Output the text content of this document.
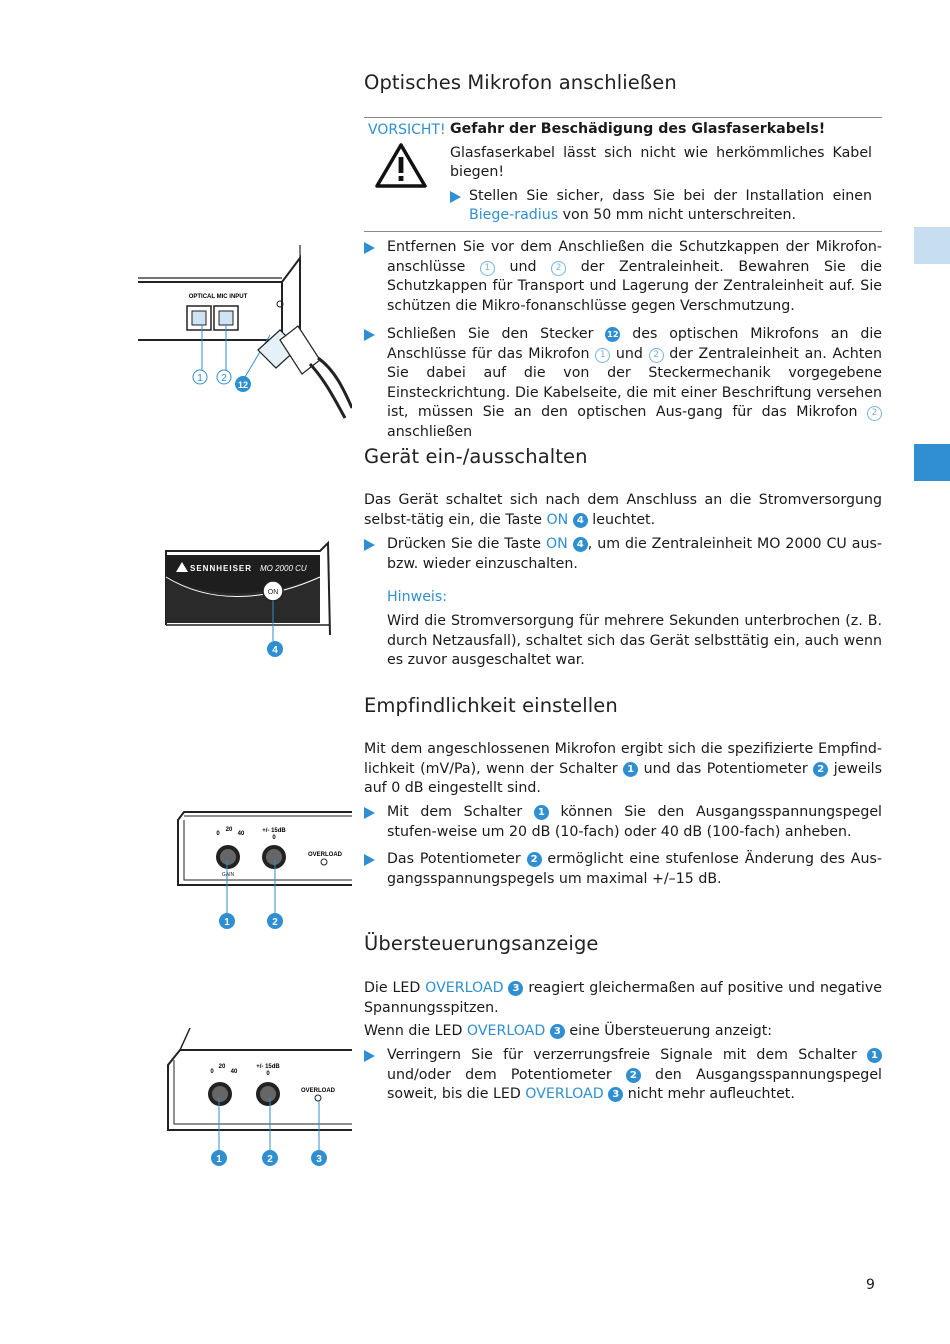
Optisches Mikrofon anschließen
VORSICHT! Gefahr der Beschädigung des Glasfaserkabels!

Glasfaserkabel lässt sich nicht wie herkömmliches Kabel biegen!

Stellen Sie sicher, dass Sie bei der Installation einen Biege-radius von 50 mm nicht unterschreiten.
Entfernen Sie vor dem Anschließen die Schutzkappen der Mikrofon-anschlüsse 1 und 2 der Zentraleinheit. Bewahren Sie die Schutzkappen für Transport und Lagerung der Zentraleinheit auf. Sie schützen die Mikro-fonanschlüsse gegen Verschmutzung.
Schließen Sie den Stecker 12 des optischen Mikrofons an die Anschlüsse für das Mikrofon 1 und 2 der Zentraleinheit an. Achten Sie dabei auf die von der Steckermechanik vorgegebene Einsteckrichtung. Die Kabelseite, die mit einer Beschriftung versehen ist, müssen Sie an den optischen Aus-gang für das Mikrofon 2 anschließen
OPTICAL MIC INPUT
1 2
12
Gerät ein-/ausschalten
Das Gerät schaltet sich nach dem Anschluss an die Stromversorgung selbst-tätig ein, die Taste ON 4 leuchtet.
Drücken Sie die Taste ON 4 , um die Zentraleinheit MO 2000 CU aus- bzw. wieder einzuschalten.
Hinweis:
Wird die Stromversorgung für mehrere Sekunden unterbrochen (z. B. durch Netzausfall), schaltet sich das Gerät selbsttätig ein, auch wenn es zuvor ausgeschaltet war.
SENNHEISER MO 2000 CU
ON
4
Empfindlichkeit einstellen
Mit dem angeschlossenen Mikrofon ergibt sich die spezifizierte Empfind-lichkeit (mV/Pa), wenn der Schalter 1 und das Potentiometer 2 jeweils auf 0 dB eingestellt sind.
Mit dem Schalter 1 können Sie den Ausgangsspannungspegel stufen-weise um 20 dB (10-fach) oder 40 dB (100-fach) anheben.
Das Potentiometer 2 ermöglicht eine stufenlose Änderung des Aus-gangsspannungspegels um maximal +/–15 dB.
0
20
40	+/- 15dB
0
OVERLOAD
GAIN
1	2
Übersteuerungsanzeige
Die LED OVERLOAD 3 reagiert gleichermaßen auf positive und negative Spannungsspitzen.
Wenn die LED OVERLOAD 3 eine Übersteuerung anzeigt:
Verringern Sie für verzerrungsfreie Signale mit dem Schalter 1 und/oder dem Potentiometer 2 den Ausgangsspannungspegel soweit, bis die LED OVERLOAD 3 nicht mehr aufleuchtet.
0
20
40
+/- 15dB
0
OVERLOAD
1	2	3
9
